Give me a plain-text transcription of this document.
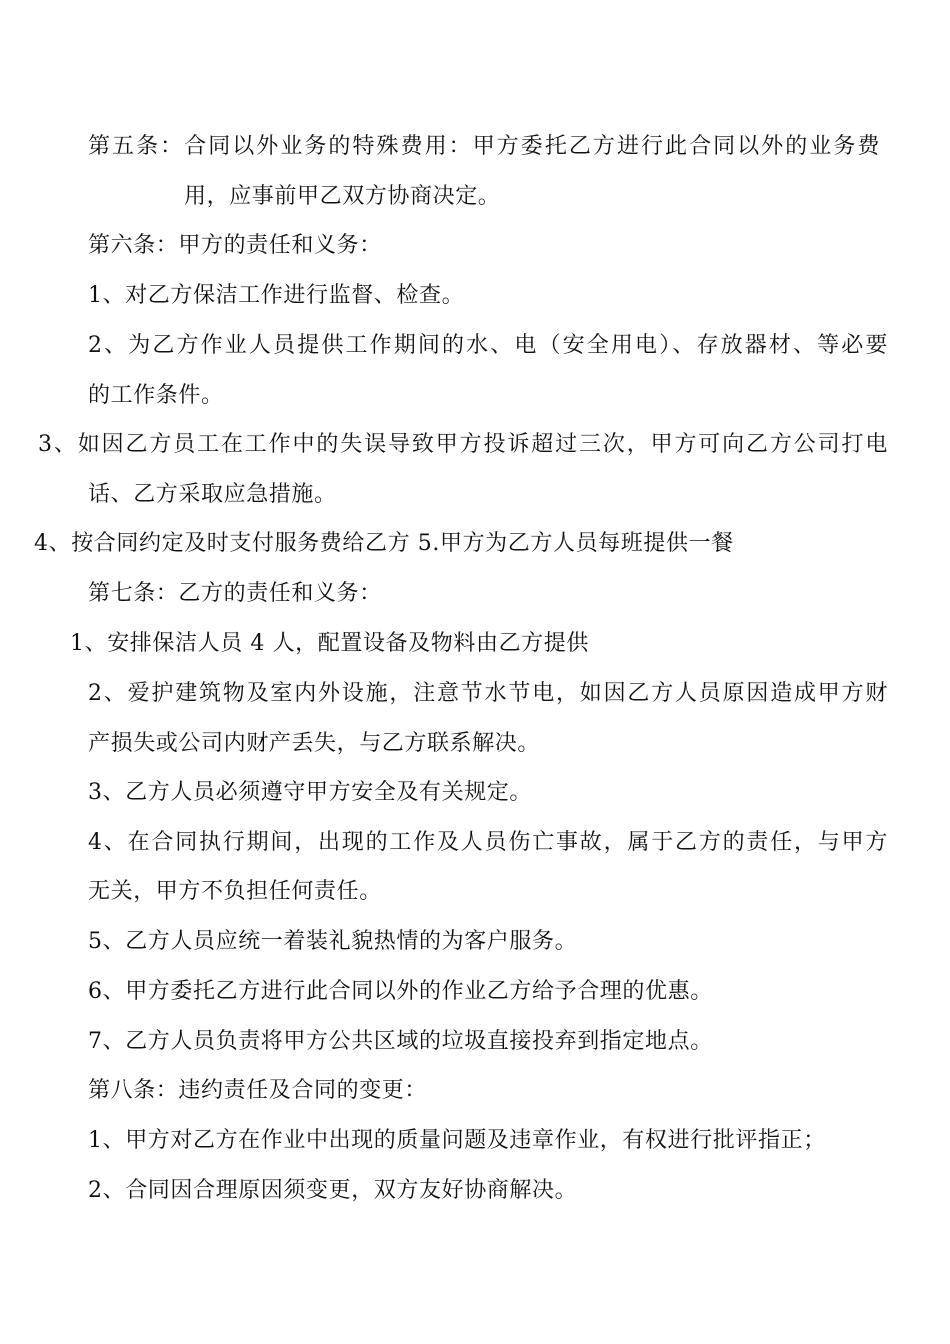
第五条：合同以外业务的特殊费用：甲方委托乙方进行此合同以外的业务费
用，应事前甲乙双方协商决定。
第六条：甲方的责任和义务：
1、对乙方保洁工作进行监督、检查。
2、为乙方作业人员提供工作期间的水、电（安全用电）、存放器材、等必要
的工作条件。
3、如因乙方员工在工作中的失误导致甲方投诉超过三次，甲方可向乙方公司打电
话、乙方采取应急措施。
4、按合同约定及时支付服务费给乙方 5.甲方为乙方人员每班提供一餐
第七条：乙方的责任和义务：
1、安排保洁人员 4 人，配置设备及物料由乙方提供
2、爱护建筑物及室内外设施，注意节水节电，如因乙方人员原因造成甲方财
产损失或公司内财产丢失，与乙方联系解决。
3、乙方人员必须遵守甲方安全及有关规定。
4、在合同执行期间，出现的工作及人员伤亡事故，属于乙方的责任，与甲方
无关，甲方不负担任何责任。
5、乙方人员应统一着装礼貌热情的为客户服务。
6、甲方委托乙方进行此合同以外的作业乙方给予合理的优惠。
7、乙方人员负责将甲方公共区域的垃圾直接投弃到指定地点。
第八条：违约责任及合同的变更：
1、甲方对乙方在作业中出现的质量问题及违章作业，有权进行批评指正；
2、合同因合理原因须变更，双方友好协商解决。
